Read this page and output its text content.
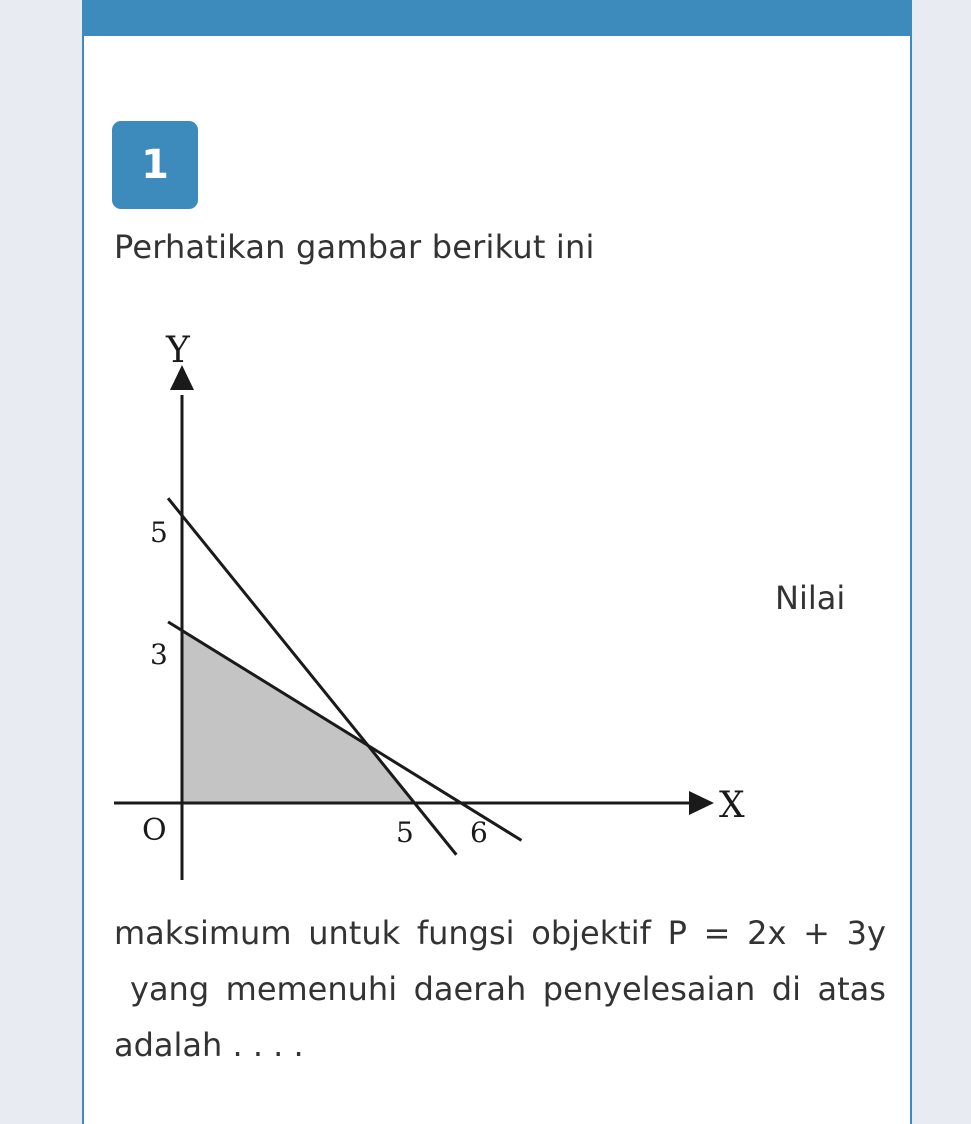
1
Perhatikan gambar berikut ini
Y
X
O
5
3
5 6
Nilai
maksimum untuk fungsi objektif P = 2x + 3y
yang memenuhi daerah penyelesaian di atas
adalah . . . .
